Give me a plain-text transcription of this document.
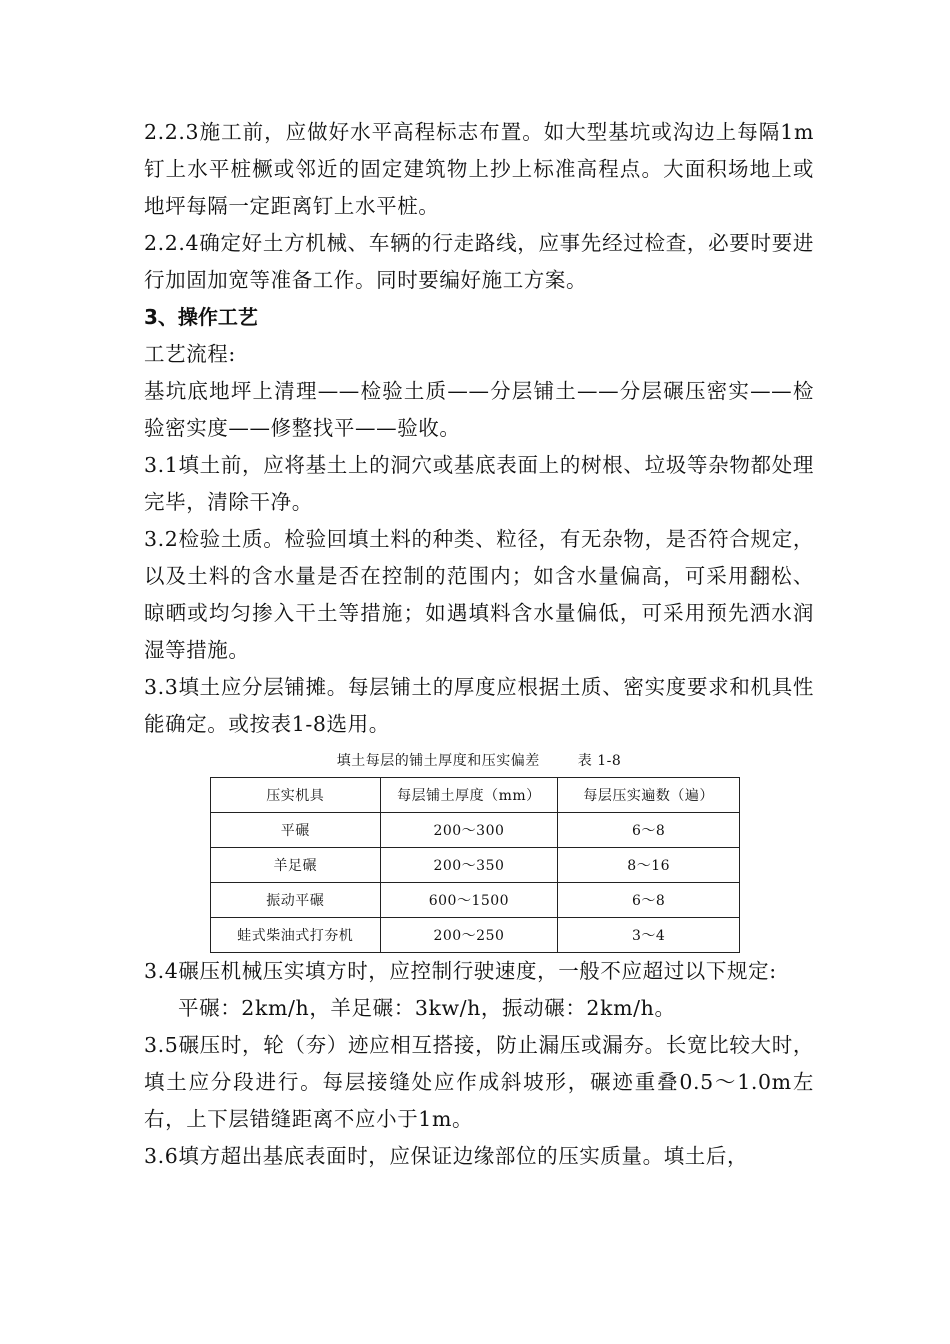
2.2.3施工前，应做好水平高程标志布置。如大型基坑或沟边上每隔1m钉上水平桩橛或邻近的固定建筑物上抄上标准高程点。大面积场地上或地坪每隔一定距离钉上水平桩。

2.2.4确定好土方机械、车辆的行走路线，应事先经过检查，必要时要进行加固加宽等准备工作。同时要编好施工方案。

3、操作工艺

工艺流程:

基坑底地坪上清理——检验土质——分层铺土——分层碾压密实——检验密实度——修整找平——验收。

3.1填土前，应将基土上的洞穴或基底表面上的树根、垃圾等杂物都处理完毕，清除干净。

3.2检验土质。检验回填土料的种类、粒径，有无杂物，是否符合规定，以及土料的含水量是否在控制的范围内；如含水量偏高，可采用翻松、晾晒或均匀掺入干土等措施；如遇填料含水量偏低，可采用预先洒水润湿等措施。

3.3填土应分层铺摊。每层铺土的厚度应根据土质、密实度要求和机具性能确定。或按表1-8选用。

填土每层的铺土厚度和压实偏差	表 1-8
压实机具	每层铺土厚度（mm）	每层压实遍数（遍）
平碾	200～300	6～8
羊足碾	200～350	8～16
振动平碾	600～1500	6～8
蛙式柴油式打夯机	200～250	3～4

3.4碾压机械压实填方时，应控制行驶速度，一般不应超过以下规定:

平碾：2km/h，羊足碾：3kw/h，振动碾：2km/h。

3.5碾压时，轮（夯）迹应相互搭接，防止漏压或漏夯。长宽比较大时，填土应分段进行。每层接缝处应作成斜坡形，碾迹重叠0.5～1.0m左右，上下层错缝距离不应小于1m。

3.6填方超出基底表面时，应保证边缘部位的压实质量。填土后，
